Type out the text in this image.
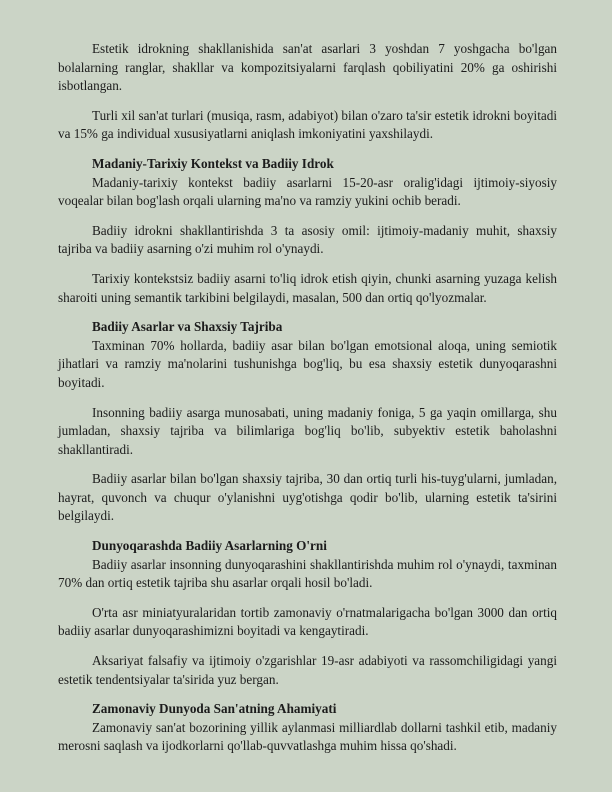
Estetik idrokning shakllanishida san'at asarlari 3 yoshdan 7 yoshgacha bo'lgan bolalarning ranglar, shakllar va kompozitsiyalarni farqlash qobiliyatini 20% ga oshirishi isbotlangan.

Turli xil san'at turlari (musiqa, rasm, adabiyot) bilan o'zaro ta'sir estetik idrokni boyitadi va 15% ga individual xususiyatlarni aniqlash imkoniyatini yaxshilaydi.

Madaniy-Tarixiy Kontekst va Badiiy Idrok

Madaniy-tarixiy kontekst badiiy asarlarni 15-20-asr oralig'idagi ijtimoiy-siyosiy voqealar bilan bog'lash orqali ularning ma'no va ramziy yukini ochib beradi.

Badiiy idrokni shakllantirishda 3 ta asosiy omil: ijtimoiy-madaniy muhit, shaxsiy tajriba va badiiy asarning o'zi muhim rol o'ynaydi.

Tarixiy kontekstsiz badiiy asarni to'liq idrok etish qiyin, chunki asarning yuzaga kelish sharoiti uning semantik tarkibini belgilaydi, masalan, 500 dan ortiq qo'lyozmalar.

Badiiy Asarlar va Shaxsiy Tajriba

Taxminan 70% hollarda, badiiy asar bilan bo'lgan emotsional aloqa, uning semiotik jihatlari va ramziy ma'nolarini tushunishga bog'liq, bu esa shaxsiy estetik dunyoqarashni boyitadi.

Insonning badiiy asarga munosabati, uning madaniy foniga, 5 ga yaqin omillarga, shu jumladan, shaxsiy tajriba va bilimlariga bog'liq bo'lib, subyektiv estetik baholashni shakllantiradi.

Badiiy asarlar bilan bo'lgan shaxsiy tajriba, 30 dan ortiq turli his-tuyg'ularni, jumladan, hayrat, quvonch va chuqur o'ylanishni uyg'otishga qodir bo'lib, ularning estetik ta'sirini belgilaydi.

Dunyoqarashda Badiiy Asarlarning O'rni

Badiiy asarlar insonning dunyoqarashini shakllantirishda muhim rol o'ynaydi, taxminan 70% dan ortiq estetik tajriba shu asarlar orqali hosil bo'ladi.

O'rta asr miniatyuralaridan tortib zamonaviy o'rnatmalarigacha bo'lgan 3000 dan ortiq badiiy asarlar dunyoqarashimizni boyitadi va kengaytiradi.

Aksariyat falsafiy va ijtimoiy o'zgarishlar 19-asr adabiyoti va rassomchiligidagi yangi estetik tendentsiyalar ta'sirida yuz bergan.

Zamonaviy Dunyoda San'atning Ahamiyati

Zamonaviy san'at bozorining yillik aylanmasi milliardlab dollarni tashkil etib, madaniy merosni saqlash va ijodkorlarni qo'llab-quvvatlashga muhim hissa qo'shadi.
